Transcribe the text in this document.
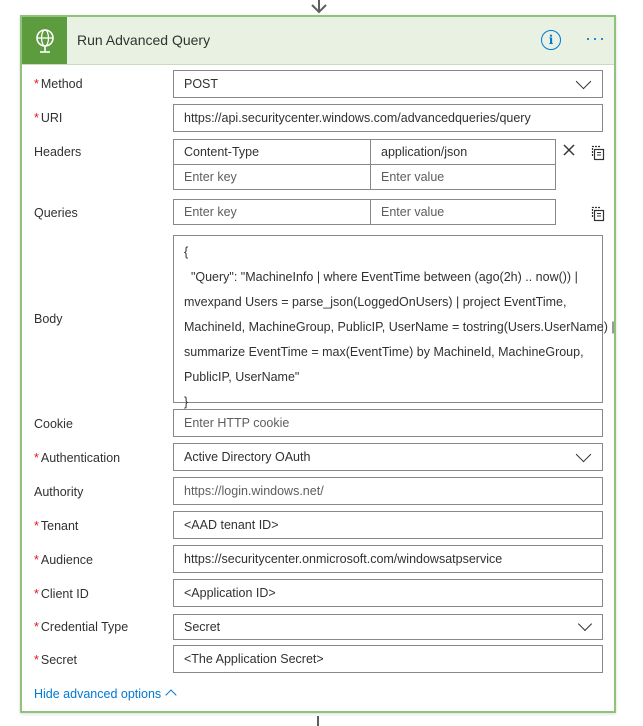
Run Advanced Query	i	···
* Method	POST
* URI	https://api.securitycenter.windows.com/advancedqueries/query
Headers	Content-Type	application/json
Enter key	Enter value
Queries	Enter key	Enter value
Body
{
"Query": "MachineInfo | where EventTime between (ago(2h) .. now()) |
mvexpand Users = parse_json(LoggedOnUsers) | project EventTime,
MachineId, MachineGroup, PublicIP, UserName = tostring(Users.UserName) |
summarize EventTime = max(EventTime) by MachineId, MachineGroup,
PublicIP, UserName"
}
Cookie	Enter HTTP cookie
* Authentication	Active Directory OAuth
Authority	https://login.windows.net/
* Tenant	<AAD tenant ID>
* Audience	https://securitycenter.onmicrosoft.com/windowsatpservice
* Client ID	<Application ID>
* Credential Type	Secret
* Secret	<The Application Secret>
Hide advanced options
